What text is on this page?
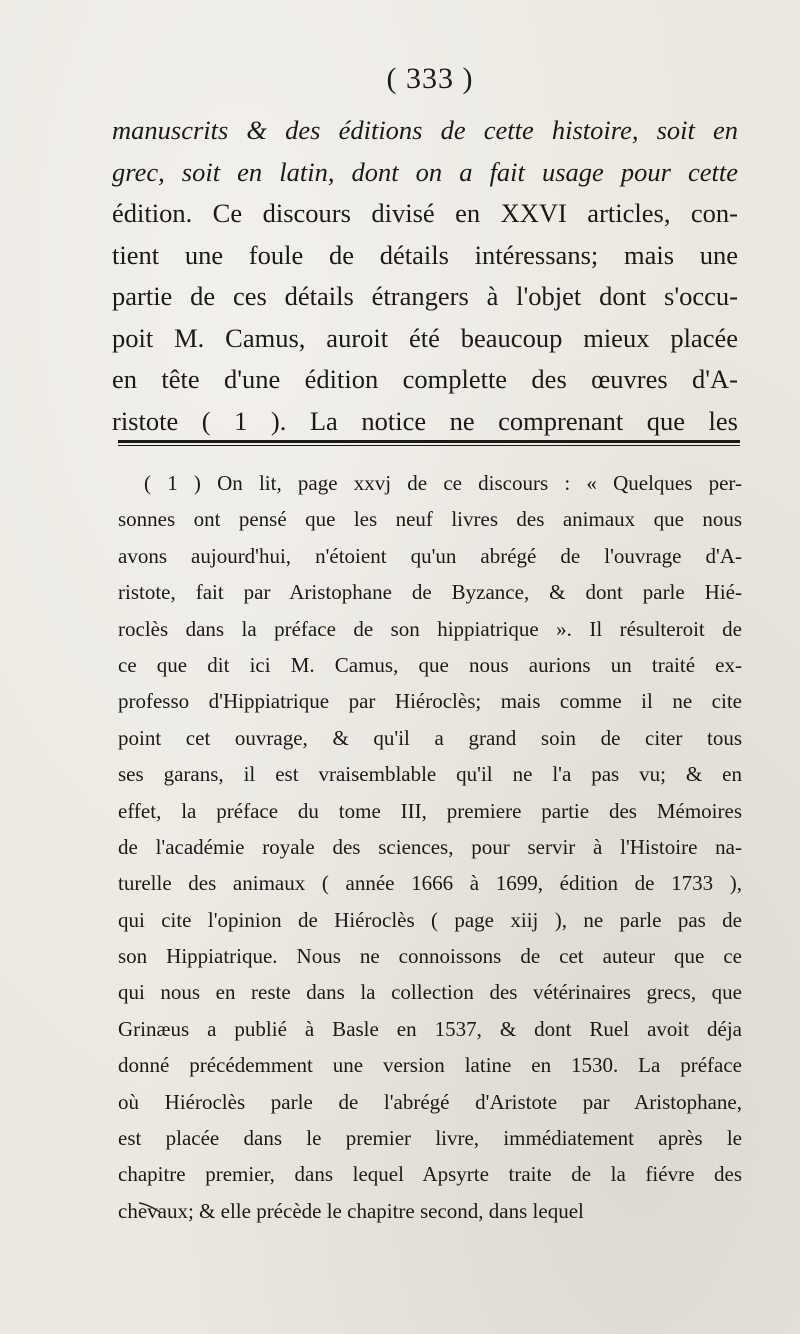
( 333 )
manuscrits & des éditions de cette histoire, soit en
grec, soit en latin, dont on a fait usage pour cette
édition. Ce discours divisé en XXVI articles, con-
tient une foule de détails intéressans; mais une
partie de ces détails étrangers à l'objet dont s'occu-
poit M. Camus, auroit été beaucoup mieux placée
en tête d'une édition complette des œuvres d'A-
ristote ( 1 ). La notice ne comprenant que les
( 1 ) On lit, page xxvj de ce discours : « Quelques per-
sonnes ont pensé que les neuf livres des animaux que nous
avons aujourd'hui, n'étoient qu'un abrégé de l'ouvrage d'A-
ristote, fait par Aristophane de Byzance, & dont parle Hié-
roclès dans la préface de son hippiatrique ». Il résulteroit de
ce que dit ici M. Camus, que nous aurions un traité ex-
professo d'Hippiatrique par Hiéroclès; mais comme il ne cite
point cet ouvrage, & qu'il a grand soin de citer tous
ses garans, il est vraisemblable qu'il ne l'a pas vu; & en
effet, la préface du tome III, premiere partie des Mémoires
de l'académie royale des sciences, pour servir à l'Histoire na-
turelle des animaux ( année 1666 à 1699, édition de 1733 ),
qui cite l'opinion de Hiéroclès ( page xiij ), ne parle pas de
son Hippiatrique. Nous ne connoissons de cet auteur que ce
qui nous en reste dans la collection des vétérinaires grecs, que
Grinæus a publié à Basle en 1537, & dont Ruel avoit déja
donné précédemment une version latine en 1530. La préface
où Hiéroclès parle de l'abrégé d'Aristote par Aristophane,
est placée dans le premier livre, immédiatement après le
chapitre premier, dans lequel Apsyrte traite de la fiévre des
chevaux; & elle précède le chapitre second, dans lequel
